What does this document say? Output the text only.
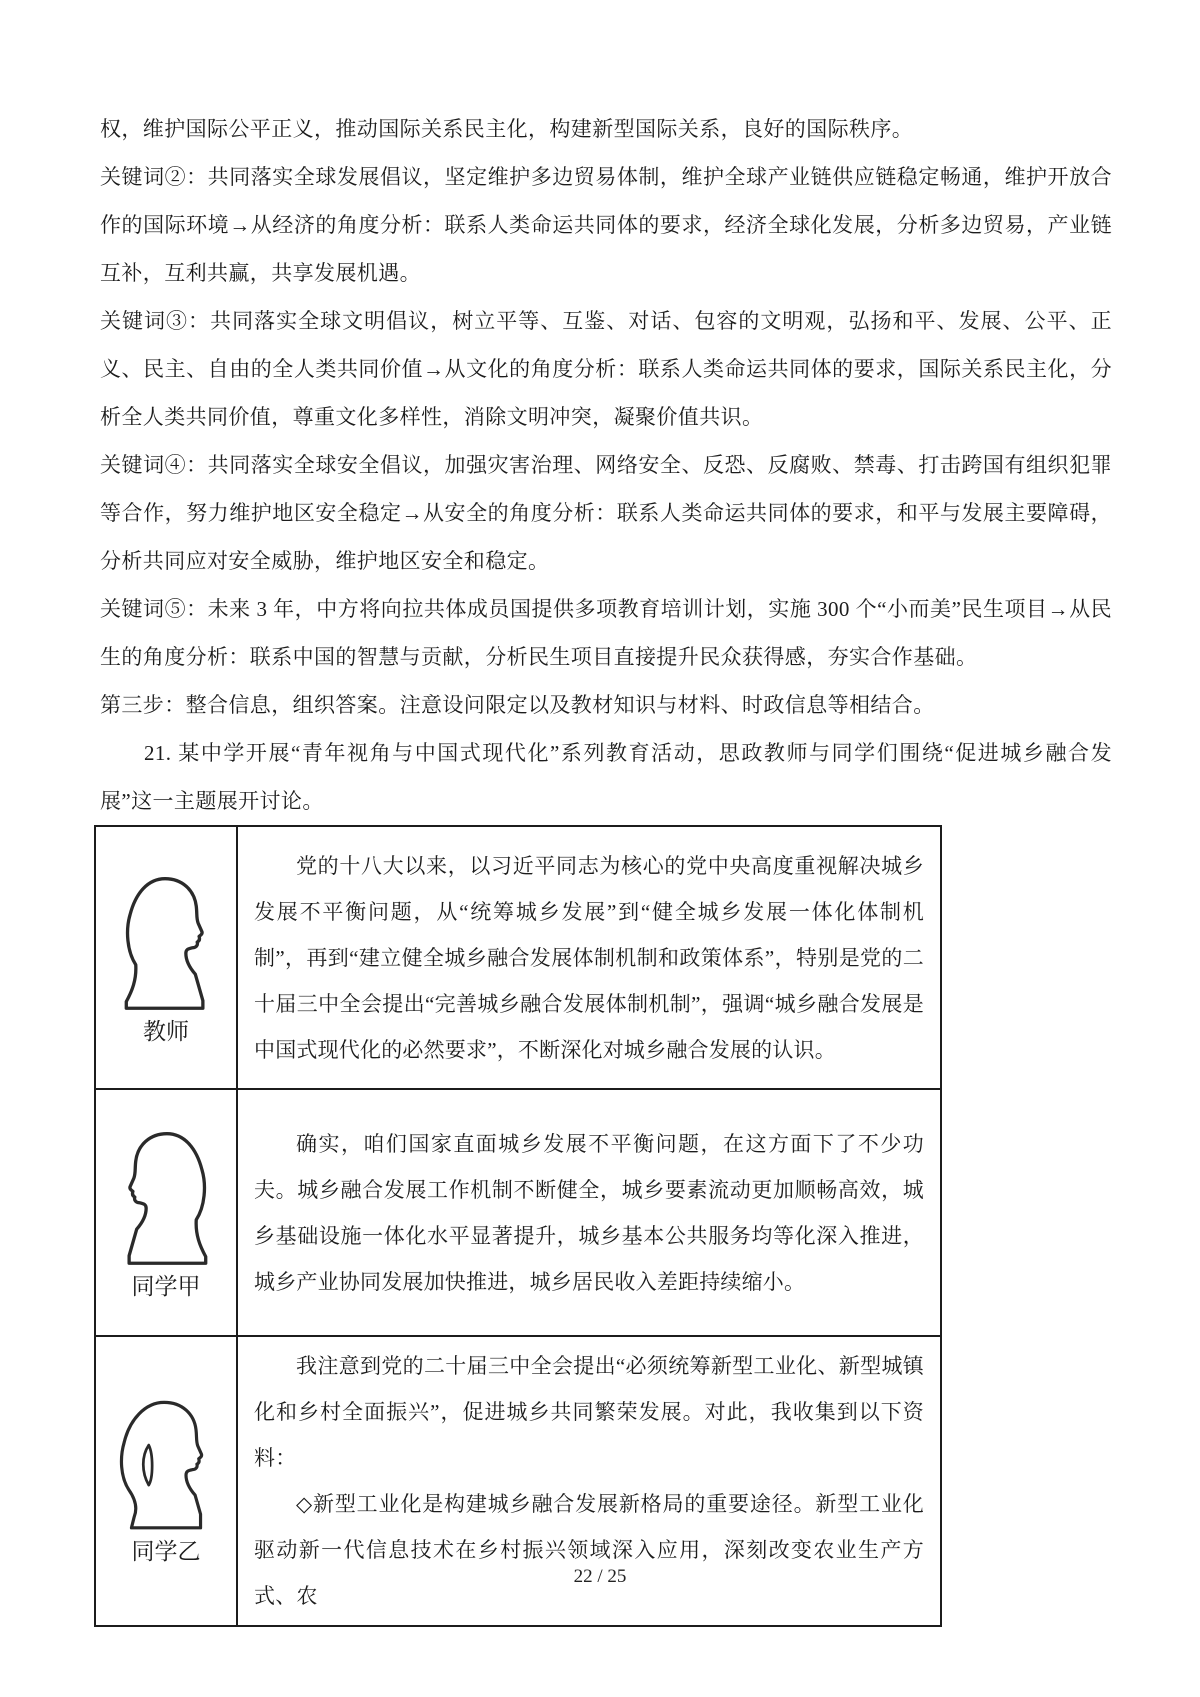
权，维护国际公平正义，推动国际关系民主化，构建新型国际关系，良好的国际秩序。

关键词②：共同落实全球发展倡议，坚定维护多边贸易体制，维护全球产业链供应链稳定畅通，维护开放合作的国际环境→从经济的角度分析：联系人类命运共同体的要求，经济全球化发展，分析多边贸易，产业链互补，互利共赢，共享发展机遇。

关键词③：共同落实全球文明倡议，树立平等、互鉴、对话、包容的文明观，弘扬和平、发展、公平、正义、民主、自由的全人类共同价值→从文化的角度分析：联系人类命运共同体的要求，国际关系民主化，分析全人类共同价值，尊重文化多样性，消除文明冲突，凝聚价值共识。

关键词④：共同落实全球安全倡议，加强灾害治理、网络安全、反恐、反腐败、禁毒、打击跨国有组织犯罪等合作，努力维护地区安全稳定→从安全的角度分析：联系人类命运共同体的要求，和平与发展主要障碍，分析共同应对安全威胁，维护地区安全和稳定。

关键词⑤：未来 3 年，中方将向拉共体成员国提供多项教育培训计划，实施 300 个“小而美”民生项目→从民生的角度分析：联系中国的智慧与贡献，分析民生项目直接提升民众获得感，夯实合作基础。

第三步：整合信息，组织答案。注意设问限定以及教材知识与材料、时政信息等相结合。

21. 某中学开展“青年视角与中国式现代化”系列教育活动，思政教师与同学们围绕“促进城乡融合发展”这一主题展开讨论。

教师	党的十八大以来，以习近平同志为核心的党中央高度重视解决城乡发展不平衡问题，从“统筹城乡发展”到“健全城乡发展一体化体制机制”，再到“建立健全城乡融合发展体制机制和政策体系”，特别是党的二十届三中全会提出“完善城乡融合发展体制机制”，强调“城乡融合发展是中国式现代化的必然要求”，不断深化对城乡融合发展的认识。

同学甲	确实，咱们国家直面城乡发展不平衡问题，在这方面下了不少功夫。城乡融合发展工作机制不断健全，城乡要素流动更加顺畅高效，城乡基础设施一体化水平显著提升，城乡基本公共服务均等化深入推进，城乡产业协同发展加快推进，城乡居民收入差距持续缩小。

同学乙	我注意到党的二十届三中全会提出“必须统筹新型工业化、新型城镇化和乡村全面振兴”，促进城乡共同繁荣发展。对此，我收集到以下资料：

◇新型工业化是构建城乡融合发展新格局的重要途径。新型工业化驱动新一代信息技术在乡村振兴领域深入应用，深刻改变农业生产方式、农

22 / 25
